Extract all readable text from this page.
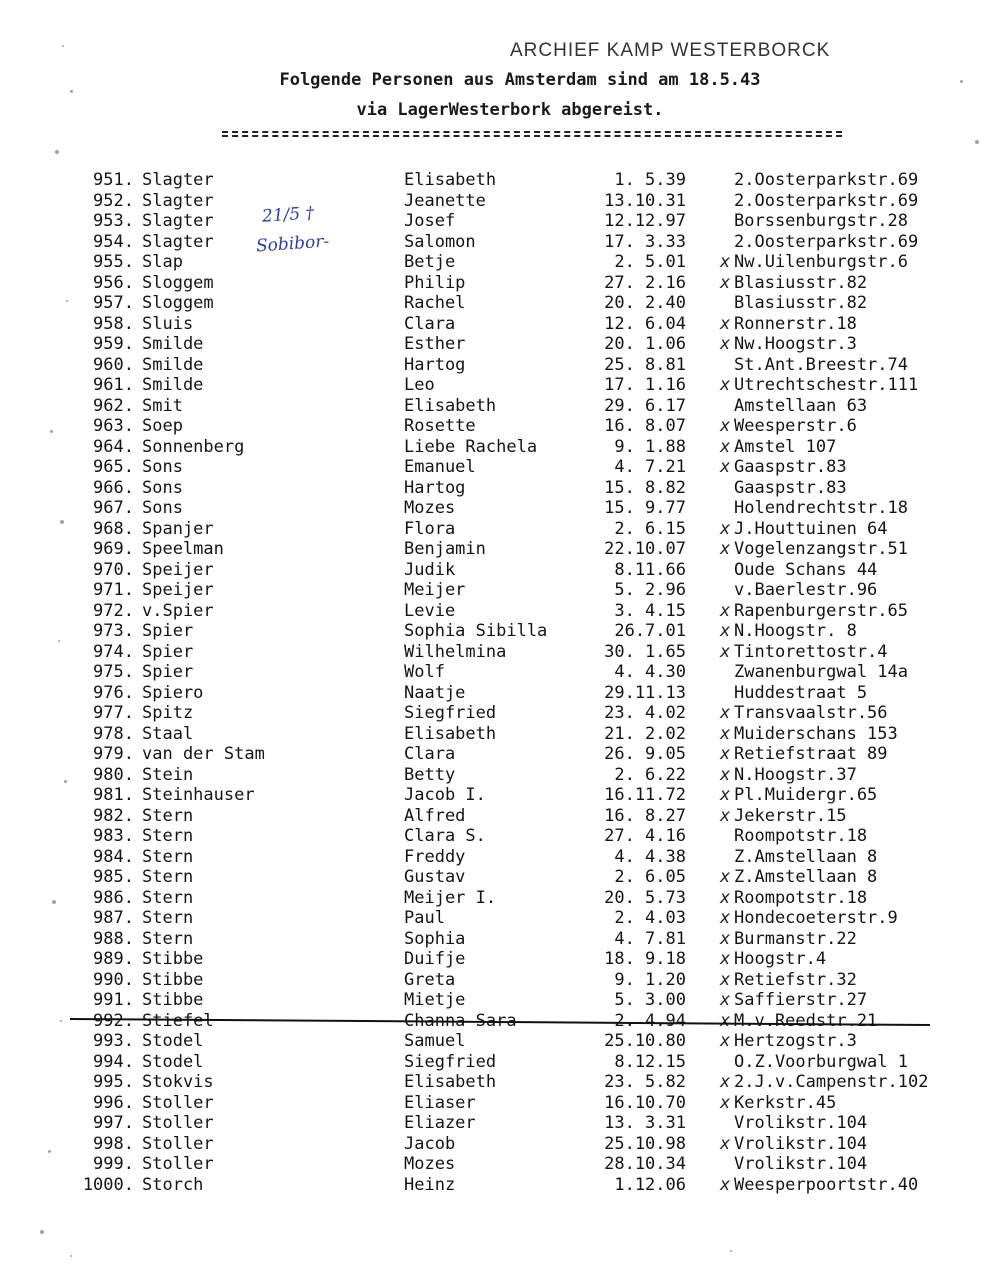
ARCHIEF KAMP WESTERBORCK
Folgende Personen aus Amsterdam sind am 18.5.43
via LagerWesterbork abgereist.
21/5 †
Sobibor-
951. Slagter	Elisabeth	1. 5.39	2.Oosterparkstr.69
952. Slagter	Jeanette	13.10.31	2.Oosterparkstr.69
953. Slagter	Josef	12.12.97	Borssenburgstr.28
954. Slagter	Salomon	17. 3.33	2.Oosterparkstr.69
955. Slap	Betje	2. 5.01 x Nw.Uilenburgstr.6
956. Sloggem	Philip	27. 2.16 x Blasiusstr.82
957. Sloggem	Rachel	20. 2.40	Blasiusstr.82
958. Sluis	Clara	12. 6.04 x Ronnerstr.18
959. Smilde	Esther	20. 1.06 x Nw.Hoogstr.3
960. Smilde	Hartog	25. 8.81	St.Ant.Breestr.74
961. Smilde	Leo	17. 1.16 x Utrechtschestr.111
962. Smit	Elisabeth	29. 6.17	Amstellaan 63
963. Soep	Rosette	16. 8.07 x Weesperstr.6
964. Sonnenberg	Liebe Rachela	9. 1.88 x Amstel 107
965. Sons	Emanuel	4. 7.21 x Gaaspstr.83
966. Sons	Hartog	15. 8.82	Gaaspstr.83
967. Sons	Mozes	15. 9.77	Holendrechtstr.18
968. Spanjer	Flora	2. 6.15 x J.Houttuinen 64
969. Speelman	Benjamin	22.10.07 x Vogelenzangstr.51
970. Speijer	Judik	8.11.66	Oude Schans 44
971. Speijer	Meijer	5. 2.96	v.Baerlestr.96
972. v.Spier	Levie	3. 4.15 x Rapenburgerstr.65
973. Spier	Sophia Sibilla	26.7.01 x N.Hoogstr. 8
974. Spier	Wilhelmina	30. 1.65 x Tintorettostr.4
975. Spier	Wolf	4. 4.30	Zwanenburgwal 14a
976. Spiero	Naatje	29.11.13	Huddestraat 5
977. Spitz	Siegfried	23. 4.02 x Transvaalstr.56
978. Staal	Elisabeth	21. 2.02 x Muiderschans 153
979. van der Stam	Clara	26. 9.05 x Retiefstraat 89
980. Stein	Betty	2. 6.22 x N.Hoogstr.37
981. Steinhauser	Jacob I.	16.11.72 x Pl.Muidergr.65
982. Stern	Alfred	16. 8.27 x Jekerstr.15
983. Stern	Clara S.	27. 4.16	Roompotstr.18
984. Stern	Freddy	4. 4.38	Z.Amstellaan 8
985. Stern	Gustav	2. 6.05 x Z.Amstellaan 8
986. Stern	Meijer I.	20. 5.73 x Roompotstr.18
987. Stern	Paul	2. 4.03 x Hondecoeterstr.9
988. Stern	Sophia	4. 7.81 x Burmanstr.22
989. Stibbe	Duifje	18. 9.18 x Hoogstr.4
990. Stibbe	Greta	9. 1.20 x Retiefstr.32
991. Stibbe	Mietje	5. 3.00 x Saffierstr.27
992. Stiefel	Channa Sara	2. 4.94 x M.v.Reedstr.21
993. Stodel	Samuel	25.10.80 x Hertzogstr.3
994. Stodel	Siegfried	8.12.15	O.Z.Voorburgwal 1
995. Stokvis	Elisabeth	23. 5.82 x 2.J.v.Campenstr.102
996. Stoller	Eliaser	16.10.70 x Kerkstr.45
997. Stoller	Eliazer	13. 3.31	Vrolikstr.104
998. Stoller	Jacob	25.10.98 x Vrolikstr.104
999. Stoller	Mozes	28.10.34	Vrolikstr.104
1000. Storch	Heinz	1.12.06 x Weesperpoortstr.40
